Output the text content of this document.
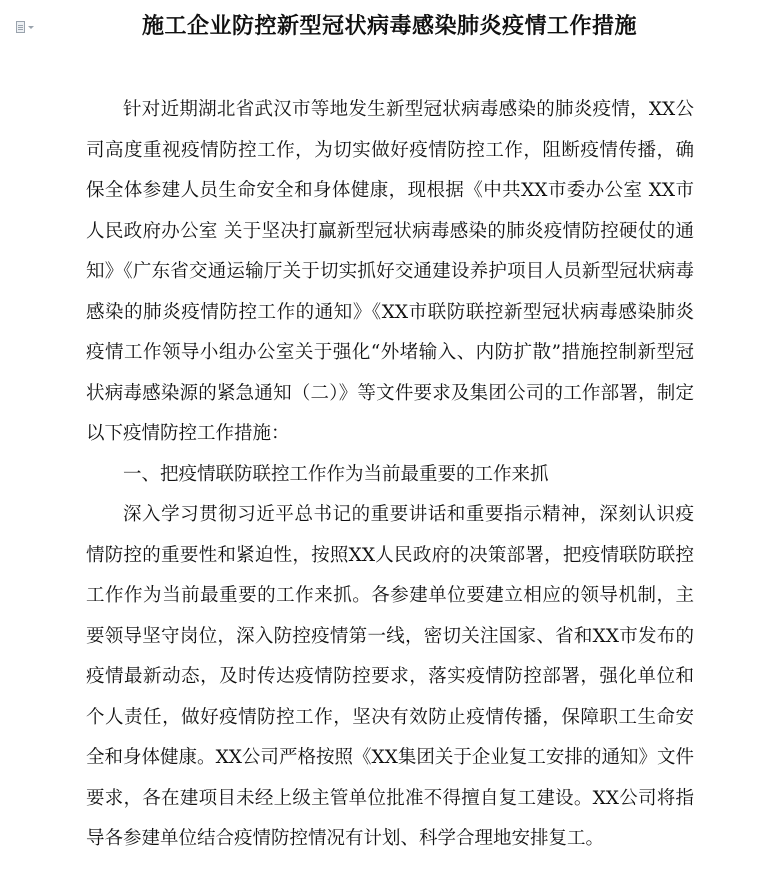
施工企业防控新型冠状病毒感染肺炎疫情工作措施

针对近期湖北省武汉市等地发生新型冠状病毒感染的肺炎疫情，XX公司高度重视疫情防控工作，为切实做好疫情防控工作，阻断疫情传播，确保全体参建人员生命安全和身体健康，现根据《中共XX市委办公室 XX市人民政府办公室 关于坚决打赢新型冠状病毒感染的肺炎疫情防控硬仗的通知》《广东省交通运输厅关于切实抓好交通建设养护项目人员新型冠状病毒感染的肺炎疫情防控工作的通知》《XX市联防联控新型冠状病毒感染肺炎疫情工作领导小组办公室关于强化“外堵输入、内防扩散”措施控制新型冠状病毒感染源的紧急通知（二）》等文件要求及集团公司的工作部署，制定以下疫情防控工作措施：

一、把疫情联防联控工作作为当前最重要的工作来抓

深入学习贯彻习近平总书记的重要讲话和重要指示精神，深刻认识疫情防控的重要性和紧迫性，按照XX人民政府的决策部署，把疫情联防联控工作作为当前最重要的工作来抓。各参建单位要建立相应的领导机制，主要领导坚守岗位，深入防控疫情第一线，密切关注国家、省和XX市发布的疫情最新动态，及时传达疫情防控要求，落实疫情防控部署，强化单位和个人责任，做好疫情防控工作，坚决有效防止疫情传播，保障职工生命安全和身体健康。XX公司严格按照《XX集团关于企业复工安排的通知》文件要求，各在建项目未经上级主管单位批准不得擅自复工建设。XX公司将指导各参建单位结合疫情防控情况有计划、科学合理地安排复工。
